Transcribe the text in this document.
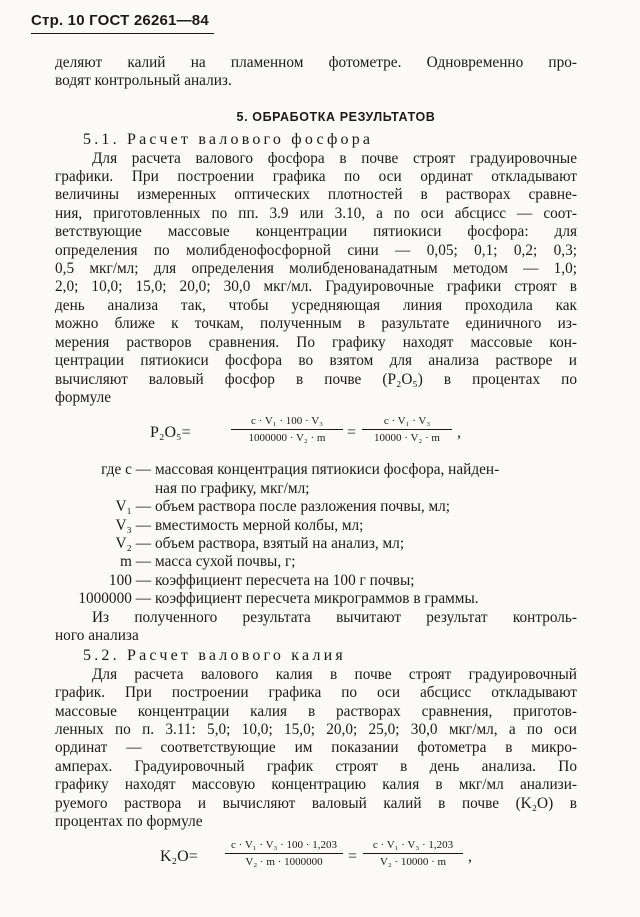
Стр. 10 ГОСТ 26261—84
деляют калий на пламенном фотометре. Одновременно про-
водят контрольный анализ.
5. ОБРАБОТКА РЕЗУЛЬТАТОВ
5.1. Расчет валового фосфора
Для расчета валового фосфора в почве строят градуировочные
графики. При построении графика по оси ординат откладывают
величины измеренных оптических плотностей в растворах сравне-
ния, приготовленных по пп. 3.9 или 3.10, а по оси абсцисс — соот-
ветствующие массовые концентрации пятиокиси фосфора: для
определения по молибденофосфорной сини — 0,05; 0,1; 0,2; 0,3;
0,5 мкг/мл; для определения молибденованадатным методом — 1,0;
2,0; 10,0; 15,0; 20,0; 30,0 мкг/мл. Градуировочные графики строят в
день анализа так, чтобы усредняющая линия проходила как
можно ближе к точкам, полученным в разультате единичного из-
мерения растворов сравнения. По графику находят массовые кон-
центрации пятиокиси фосфора во взятом для анализа растворе и
вычисляют валовый фосфор в почве (P₂O₅) в процентах по
формуле
P₂O₅=	$\frac{\text{c · V₁ · 100 · V₃}}{\text{1000000 · V₂ · m}} = \frac{\text{c · V₁ · V₃}}{\text{10000 · V₂ · m}}$ ,
где c — массовая концентрация пятиокиси фосфора, найден-
ная по графику, мкг/мл;
V₁ — объем раствора после разложения почвы, мл;
V₃ — вместимость мерной колбы, мл;
V₂ — объем раствора, взятый на анализ, мл;
m — масса сухой почвы, г;
100 — коэффициент пересчета на 100 г почвы;
1000000 — коэффициент пересчета микрограммов в граммы.
Из полученного результата вычитают результат контроль-
ного анализа
5.2. Расчет валового калия
Для расчета валового калия в почве строят градуировочный
график. При построении графика по оси абсцисс откладывают
массовые концентрации калия в растворах сравнения, приготов-
ленных по п. 3.11: 5,0; 10,0; 15,0; 20,0; 25,0; 30,0 мкг/мл, а по оси
ординат — соответствующие им показании фотометра в микро-
амперах. Градуировочный график строят в день анализа. По
графику находят массовую концентрацию калия в мкг/мл анализи-
руемого раствора и вычисляют валовый калий в почве (K₂O) в
процентах по формуле
$K_2O= \frac{\text{c · V₁ · V₃ · 100 · 1,203}}{\text{V₂ · m · 1000000}} = \frac{\text{c · V₁ · V₃ · 1,203}}{\text{V₂ · 10000 · m}}$ ,
